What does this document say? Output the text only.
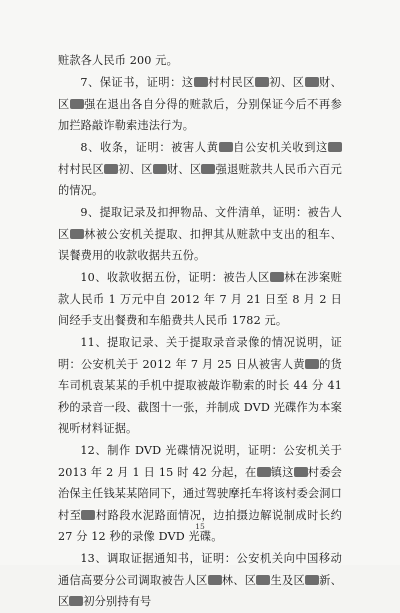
赃款各人民币 200 元。

7、保证书，证明：这 村村民区 初、区 财、区 强在退出各自分得的赃款后，分别保证今后不再参加拦路敲诈勒索违法行为。

8、收条，证明：被害人黄 自公安机关收到这村村民区 初、区 财、区 强退赃款共人民币六百元的情况。

9、提取记录及扣押物品、文件清单，证明：被告人区 林被公安机关提取、扣押其从赃款中支出的租车、误餐费用的收款收据共五份。

10、收款收据五份，证明：被告人区 林在涉案赃款人民币 1 万元中自 2012 年 7 月 21 日至 8 月 2 日间经手支出餐费和车船费共人民币 1782 元。

11、提取记录、关于提取录音录像的情况说明，证明：公安机关于 2012 年 7 月 25 日从被害人黄 的货车司机袁某某的手机中提取被敲诈勒索的时长 44 分 41 秒的录音一段、截图十一张，并制成 DVD 光碟作为本案视听材料证据。

12、制作 DVD 光碟情况说明，证明：公安机关于 2013 年 2 月 1 日 15 时 42 分起，在 镇这 村委会治保主任钱某某陪同下，通过驾驶摩托车将该村委会洞口村至 村路段水泥路面情况，边拍摄边解说制成时长约 27 分 12 秒的录像 DVD 光碟。

13、调取证据通知书，证明：公安机关向中国移动通信高要分公司调取被告人区 林、区 生及区 新、区 初分别持有号

15
